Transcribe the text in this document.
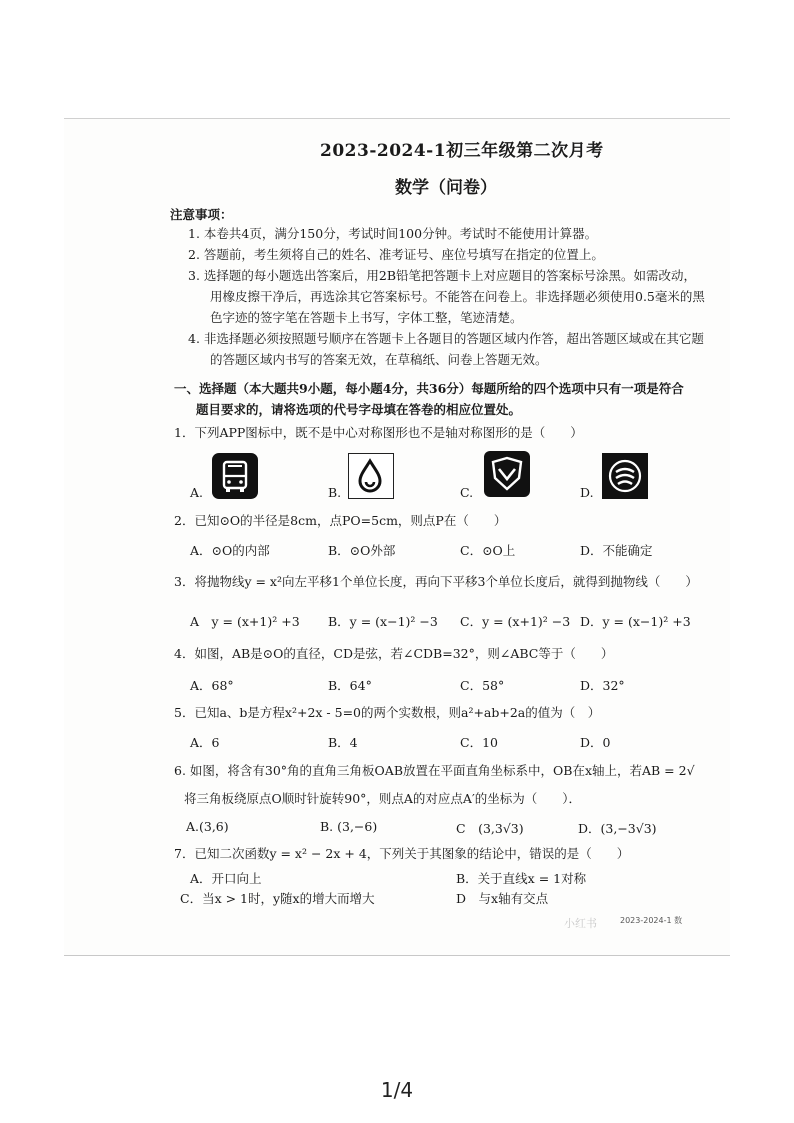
2023-2024-1初三年级第二次月考
数学（问卷）
注意事项：
1. 本卷共4页，满分150分，考试时间100分钟。考试时不能使用计算器。
2. 答题前，考生须将自己的姓名、准考证号、座位号填写在指定的位置上。
3. 选择题的每小题选出答案后，用2B铅笔把答题卡上对应题目的答案标号涂黑。如需改动，
用橡皮擦干净后，再选涂其它答案标号。不能答在问卷上。非选择题必须使用0.5毫米的黑
色字迹的签字笔在答题卡上书写，字体工整，笔迹清楚。
4. 非选择题必须按照题号顺序在答题卡上各题目的答题区域内作答，超出答题区域或在其它题
的答题区域内书写的答案无效，在草稿纸、问卷上答题无效。
一、选择题（本大题共9小题，每小题4分，共36分）每题所给的四个选项中只有一项是符合
题目要求的，请将选项的代号字母填在答卷的相应位置处。
1．下列APP图标中，既不是中心对称图形也不是轴对称图形的是（　　）
A.	B.	C.	D.
2．已知⊙O的半径是8cm，点PO=5cm，则点P在（　　）
A．⊙O的内部	B．⊙O外部	C．⊙O上	D．不能确定
3．将抛物线y = x²向左平移1个单位长度，再向下平移3个单位长度后，就得到抛物线（　　）
A　y = (x+1)² +3 B．y = (x−1)² −3 C．y = (x+1)² −3 D．y = (x−1)² +3
4．如图，AB是⊙O的直径，CD是弦，若∠CDB=32°，则∠ABC等于（　　）
A．68°	B．64°	C．58°	D．32°
5．已知a、b是方程x²+2x - 5=0的两个实数根，则a²+ab+2a的值为（　）
A．6	B．4	C．10	D．0
6. 如图，将含有30°角的直角三角板OAB放置在平面直角坐标系中，OB在x轴上，若AB = 2√
将三角板绕原点O顺时针旋转90°，则点A的对应点A′的坐标为（　　）．
A.(3,6)	B. (3,−6)	C　(3,3√3)	D．(3,−3√3)
7．已知二次函数y = x² − 2x + 4，下列关于其图象的结论中，错误的是（　　）
A．开口向上	B．关于直线x = 1对称
C．当x > 1时，y随x的增大而增大	D　与x轴有交点
小红书	2023-2024-1 数
1/4
